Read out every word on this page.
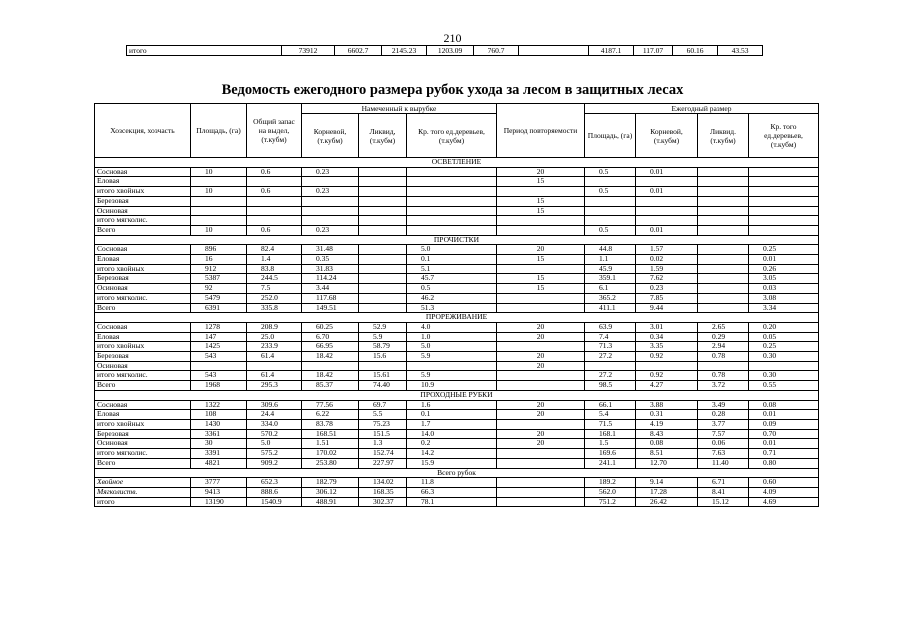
210
итого	73912	6602.7	2145.23	1203.09	760.7		4187.1	117.07	60.16	43.53
Ведомость ежегодного размера рубок ухода за лесом в защитных лесах
Хозсекция, хозчасть	Площадь, (га)	Общий запас на выдел, (т.кубм)	Намеченный к вырубке			Период повторяемости	Ежегодный размер			
			Корневой, (т.кубм)	Ликвид, (т.кубм)	Кр. того ед.деревьев, (т.кубм)		Площадь, (га)	Корневой, (т.кубм)	Ликвид. (т.кубм)	Кр. того ед.деревьев, (т.кубм)
ОСВЕТЛЕНИЕ										
Сосновая	10	0.6	0.23			20	0.5	0.01		
Еловая						15				
итого хвойных	10	0.6	0.23				0.5	0.01		
Березовая						15				
Осиновая						15				
итого мягколис.										
Всего	10	0.6	0.23				0.5	0.01		
ПРОЧИСТКИ										
Сосновая	896	82.4	31.48		5.0	20	44.8	1.57		0.25
Еловая	16	1.4	0.35		0.1	15	1.1	0.02		0.01
итого хвойных	912	83.8	31.83		5.1		45.9	1.59		0.26
Березовая	5387	244.5	114.24		45.7	15	359.1	7.62		3.05
Осиновая	92	7.5	3.44		0.5	15	6.1	0.23		0.03
итого мягколис.	5479	252.0	117.68		46.2		365.2	7.85		3.08
Всего	6391	335.8	149.51		51.3		411.1	9.44		3.34
ПРОРЕЖИВАНИЕ										
Сосновая	1278	208.9	60.25	52.9	4.0	20	63.9	3.01	2.65	0.20
Еловая	147	25.0	6.70	5.9	1.0	20	7.4	0.34	0.29	0.05
итого хвойных	1425	233.9	66.95	58.79	5.0		71.3	3.35	2.94	0.25
Березовая	543	61.4	18.42	15.6	5.9	20	27.2	0.92	0.78	0.30
Осиновая						20				
итого мягколис.	543	61.4	18.42	15.61	5.9		27.2	0.92	0.78	0.30
Всего	1968	295.3	85.37	74.40	10.9		98.5	4.27	3.72	0.55
ПРОХОДНЫЕ РУБКИ										
Сосновая	1322	309.6	77.56	69.7	1.6	20	66.1	3.88	3.49	0.08
Еловая	108	24.4	6.22	5.5	0.1	20	5.4	0.31	0.28	0.01
итого хвойных	1430	334.0	83.78	75.23	1.7		71.5	4.19	3.77	0.09
Березовая	3361	570.2	168.51	151.5	14.0	20	168.1	8.43	7.57	0.70
Осиновая	30	5.0	1.51	1.3	0.2	20	1.5	0.08	0.06	0.01
итого мягколис.	3391	575.2	170.02	152.74	14.2		169.6	8.51	7.63	0.71
Всего	4821	909.2	253.80	227.97	15.9		241.1	12.70	11.40	0.80
Всего рубок										
Хвойное	3777	652.3	182.79	134.02	11.8		189.2	9.14	6.71	0.60
Мягколиств.	9413	888.6	306.12	168.35	66.3		562.0	17.28	8.41	4.09
итого	13190	1540.9	488.91	302.37	78.1		751.2	26.42	15.12	4.69
